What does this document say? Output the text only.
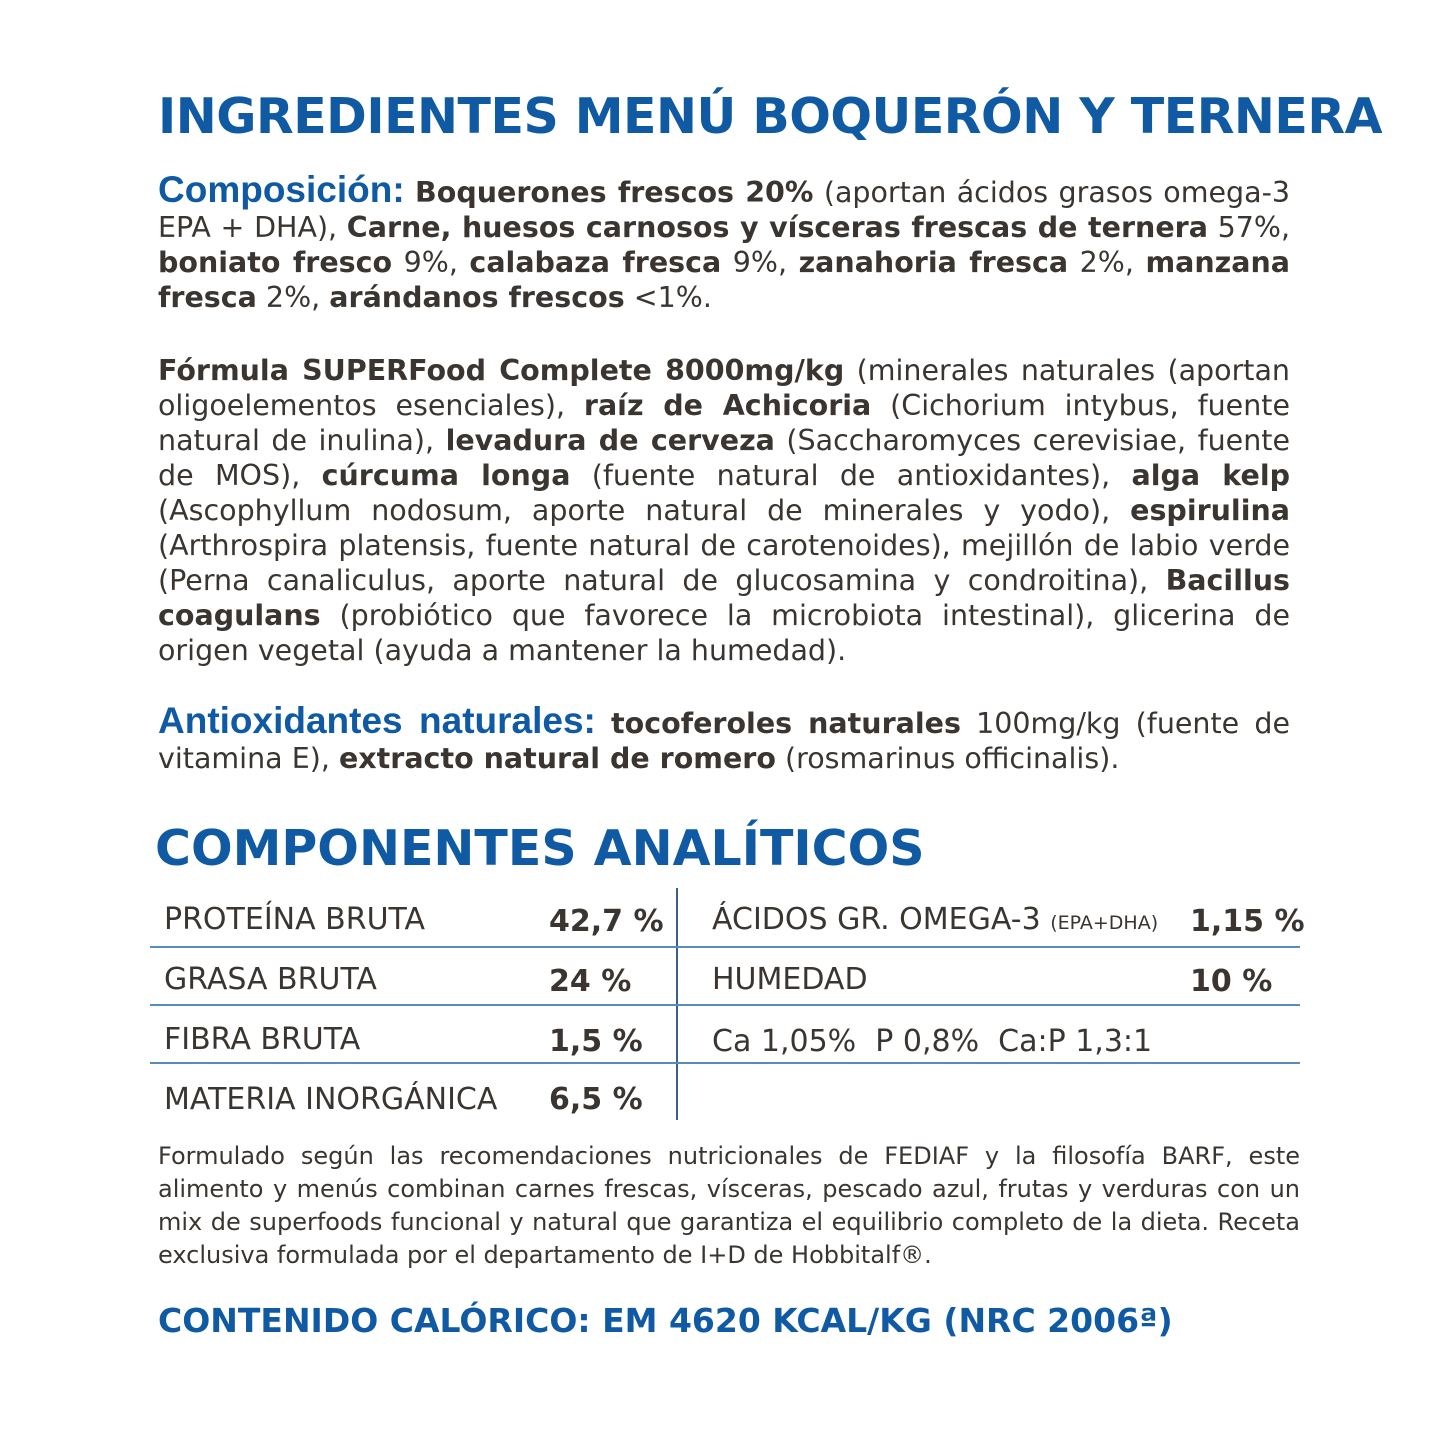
INGREDIENTES MENÚ BOQUERÓN Y TERNERA
Composición: Boquerones frescos 20% (aportan ácidos grasos omega-3 EPA + DHA), Carne, huesos carnosos y vísceras frescas de ternera 57%, boniato fresco 9%, calabaza fresca 9%, zanahoria fresca 2%, manzana fresca 2%, arándanos frescos <1%.
Fórmula SUPERFood Complete 8000mg/kg (minerales naturales (aportan oligoelementos esenciales), raíz de Achicoria (Cichorium intybus, fuente natural de inulina), levadura de cerveza (Saccharomyces cerevisiae, fuente de MOS), cúrcuma longa (fuente natural de antioxidantes), alga kelp (Ascophyllum nodosum, aporte natural de minerales y yodo), espirulina (Arthrospira platensis, fuente natural de carotenoides), mejillón de labio verde (Perna canaliculus, aporte natural de glucosamina y condroitina), Bacillus coagulans (probiótico que favorece la microbiota intestinal), glicerina de origen vegetal (ayuda a mantener la humedad).
Antioxidantes naturales: tocoferoles naturales 100mg/kg (fuente de vitamina E), extracto natural de romero (rosmarinus officinalis).
COMPONENTES ANALÍTICOS
PROTEÍNA BRUTA	42,7 %
GRASA BRUTA	24 %
FIBRA BRUTA	1,5 %
MATERIA INORGÁNICA 6,5 %
ÁCIDOS GR. OMEGA-3 (EPA+DHA) 1,15 %
HUMEDAD	10 %
Ca 1,05%  P 0,8%  Ca:P 1,3:1
Formulado según las recomendaciones nutricionales de FEDIAF y la filosofía BARF, este alimento y menús combinan carnes frescas, vísceras, pescado azul, frutas y verduras con un mix de superfoods funcional y natural que garantiza el equilibrio completo de la dieta. Receta exclusiva formulada por el departamento de I+D de Hobbitalf®.
CONTENIDO CALÓRICO: EM 4620 KCAL/KG (NRC 2006ª)
